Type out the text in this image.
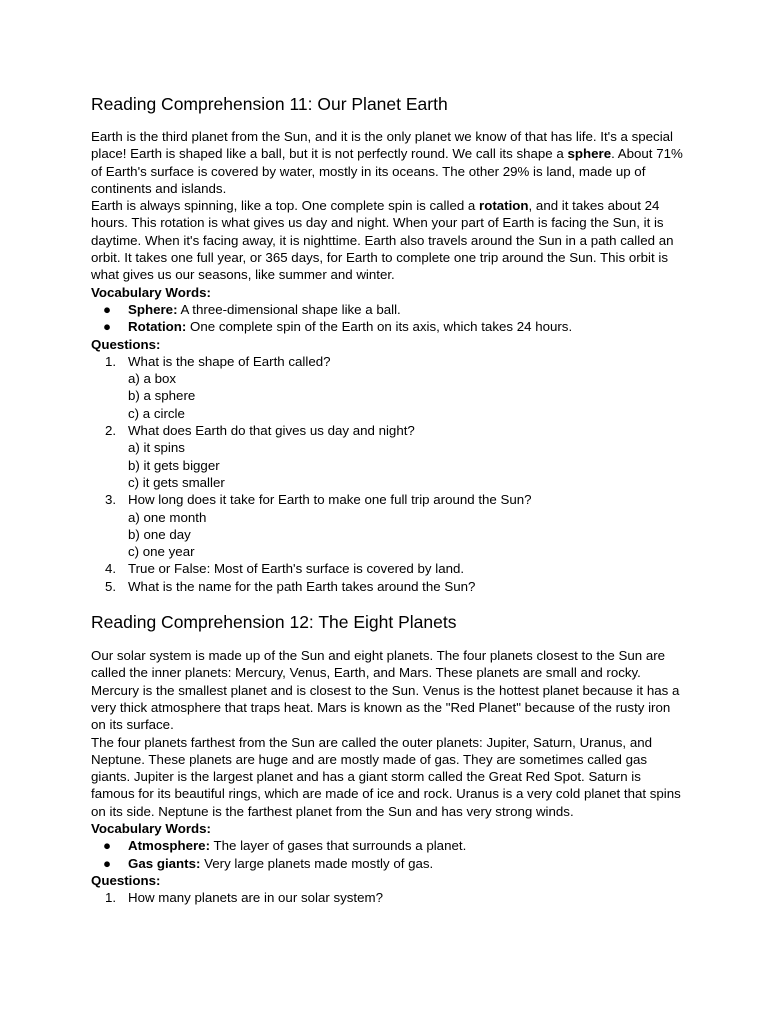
Reading Comprehension 11: Our Planet Earth

Earth is the third planet from the Sun, and it is the only planet we know of that has life. It's a special place! Earth is shaped like a ball, but it is not perfectly round. We call its shape a sphere. About 71% of Earth's surface is covered by water, mostly in its oceans. The other 29% is land, made up of continents and islands.

Earth is always spinning, like a top. One complete spin is called a rotation, and it takes about 24 hours. This rotation is what gives us day and night. When your part of Earth is facing the Sun, it is daytime. When it's facing away, it is nighttime. Earth also travels around the Sun in a path called an orbit. It takes one full year, or 365 days, for Earth to complete one trip around the Sun. This orbit is what gives us our seasons, like summer and winter.

Vocabulary Words:
● Sphere: A three-dimensional shape like a ball.
● Rotation: One complete spin of the Earth on its axis, which takes 24 hours.
Questions:
1. What is the shape of Earth called?
a) a box
b) a sphere
c) a circle
2. What does Earth do that gives us day and night?
a) it spins
b) it gets bigger
c) it gets smaller
3. How long does it take for Earth to make one full trip around the Sun?
a) one month
b) one day
c) one year
4. True or False: Most of Earth's surface is covered by land.
5. What is the name for the path Earth takes around the Sun?
Reading Comprehension 12: The Eight Planets

Our solar system is made up of the Sun and eight planets. The four planets closest to the Sun are called the inner planets: Mercury, Venus, Earth, and Mars. These planets are small and rocky. Mercury is the smallest planet and is closest to the Sun. Venus is the hottest planet because it has a very thick atmosphere that traps heat. Mars is known as the "Red Planet" because of the rusty iron on its surface.

The four planets farthest from the Sun are called the outer planets: Jupiter, Saturn, Uranus, and Neptune. These planets are huge and are mostly made of gas. They are sometimes called gas giants. Jupiter is the largest planet and has a giant storm called the Great Red Spot. Saturn is famous for its beautiful rings, which are made of ice and rock. Uranus is a very cold planet that spins on its side. Neptune is the farthest planet from the Sun and has very strong winds.

Vocabulary Words:
● Atmosphere: The layer of gases that surrounds a planet.
● Gas giants: Very large planets made mostly of gas.
Questions:
1. How many planets are in our solar system?
